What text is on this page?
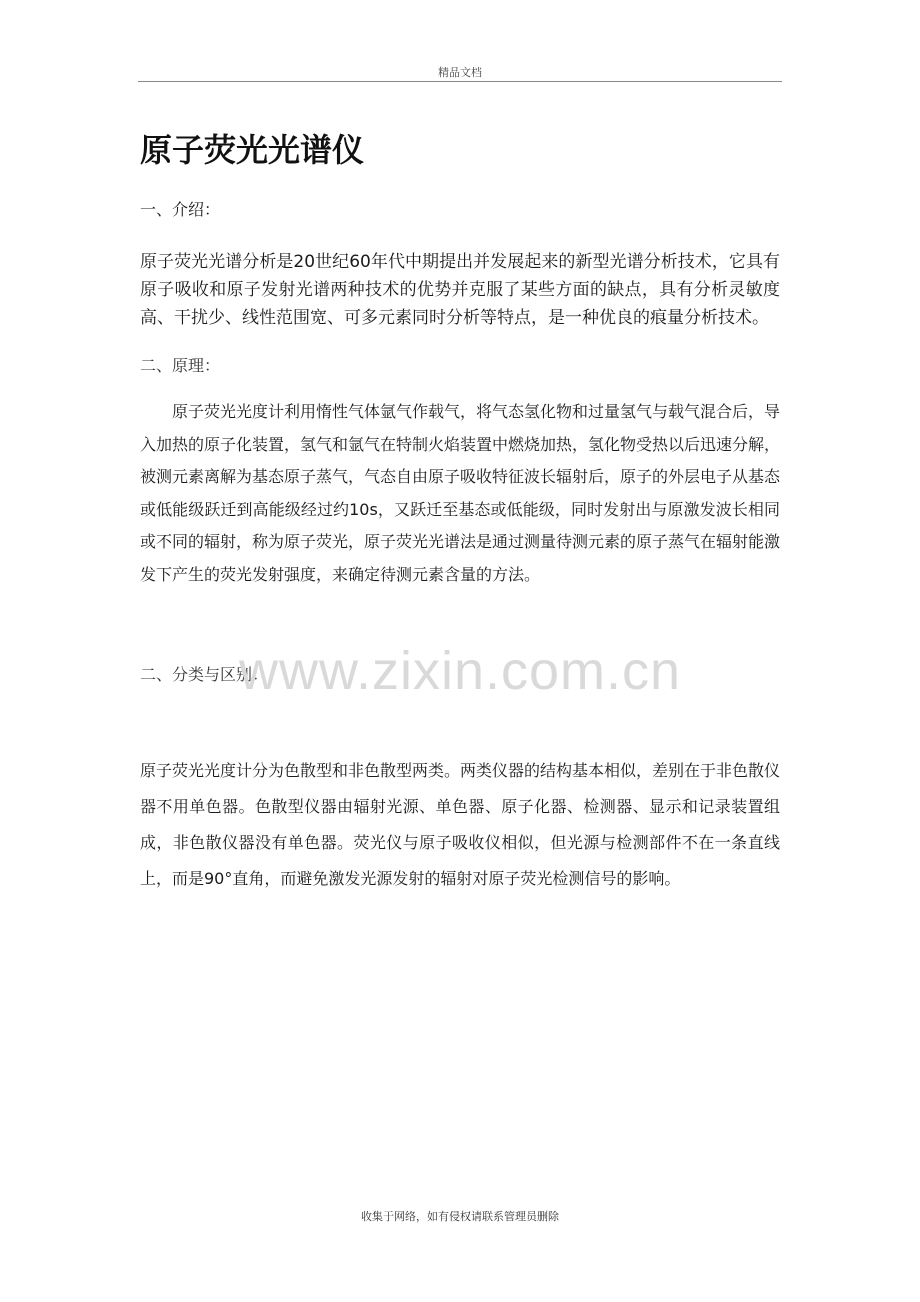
精品文档
原子荧光光谱仪
一、介绍：

原子荧光光谱分析是20世纪60年代中期提出并发展起来的新型光谱分析技术，它具有原子吸收和原子发射光谱两种技术的优势并克服了某些方面的缺点，具有分析灵敏度高、干扰少、线性范围宽、可多元素同时分析等特点，是一种优良的痕量分析技术。

二、原理：

原子荧光光度计利用惰性气体氩气作载气，将气态氢化物和过量氢气与载气混合后，导入加热的原子化装置，氢气和氩气在特制火焰装置中燃烧加热，氢化物受热以后迅速分解，被测元素离解为基态原子蒸气，气态自由原子吸收特征波长辐射后，原子的外层电子从基态或低能级跃迁到高能级经过约10s，又跃迁至基态或低能级，同时发射出与原激发波长相同或不同的辐射，称为原子荧光，原子荧光光谱法是通过测量待测元素的原子蒸气在辐射能激发下产生的荧光发射强度，来确定待测元素含量的方法。

二、分类与区别：

原子荧光光度计分为色散型和非色散型两类。两类仪器的结构基本相似，差别在于非色散仪器不用单色器。色散型仪器由辐射光源、单色器、原子化器、检测器、显示和记录装置组成，非色散仪器没有单色器。荧光仪与原子吸收仪相似，但光源与检测部件不在一条直线上，而是90°直角，而避免激发光源发射的辐射对原子荧光检测信号的影响。

www.zixin.com.cn
收集于网络，如有侵权请联系管理员删除
